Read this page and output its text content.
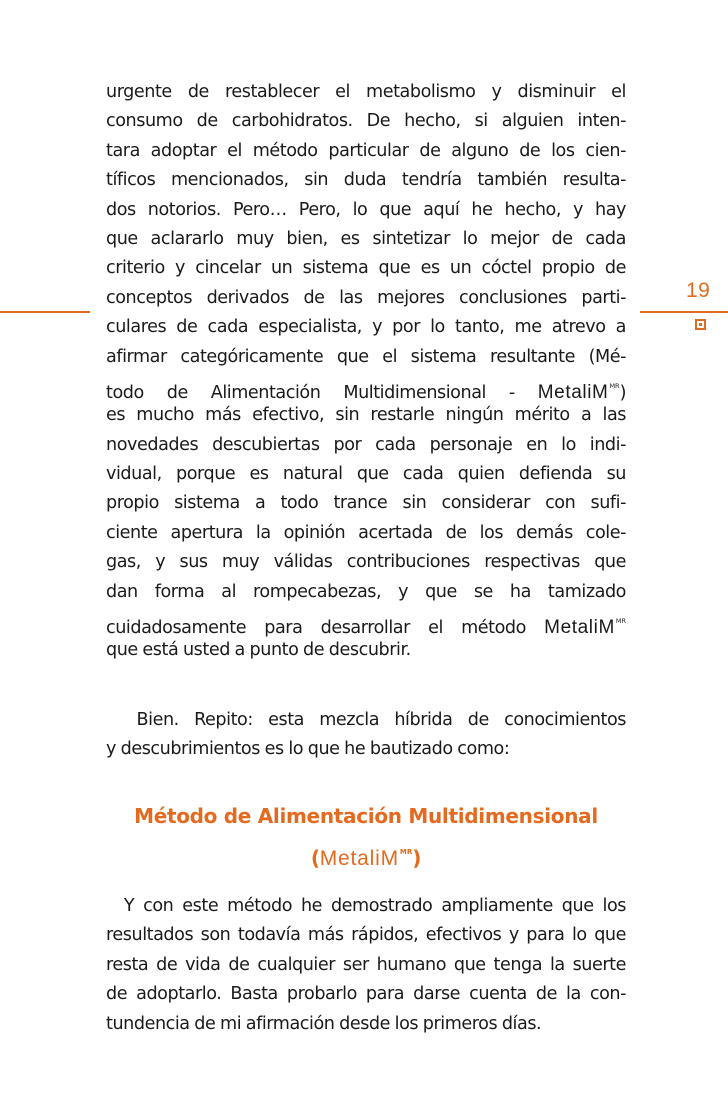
19
urgente de restablecer el metabolismo y disminuir el
consumo de carbohidratos. De hecho, si alguien inten-
tara adoptar el método particular de alguno de los cien-
tíficos mencionados, sin duda tendría también resulta-
dos notorios. Pero… Pero, lo que aquí he hecho, y hay
que aclararlo muy bien, es sintetizar lo mejor de cada
criterio y cincelar un sistema que es un cóctel propio de
conceptos derivados de las mejores conclusiones parti-
culares de cada especialista, y por lo tanto, me atrevo a
afirmar categóricamente que el sistema resultante (Mé-
todo de Alimentación Multidimensional - MetaliM$^{MR}$)
es mucho más efectivo, sin restarle ningún mérito a las
novedades descubiertas por cada personaje en lo indi-
vidual, porque es natural que cada quien defienda su
propio sistema a todo trance sin considerar con sufi-
ciente apertura la opinión acertada de los demás cole-
gas, y sus muy válidas contribuciones respectivas que
dan forma al rompecabezas, y que se ha tamizado
cuidadosamente para desarrollar el método MetaliM$^{MR}$
que está usted a punto de descubrir.
Bien. Repito: esta mezcla híbrida de conocimientos
y descubrimientos es lo que he bautizado como:
Método de Alimentación Multidimensional
(MetaliM$^{MR}$)
Y con este método he demostrado ampliamente que los
resultados son todavía más rápidos, efectivos y para lo que
resta de vida de cualquier ser humano que tenga la suerte
de adoptarlo. Basta probarlo para darse cuenta de la con-
tundencia de mi afirmación desde los primeros días.
